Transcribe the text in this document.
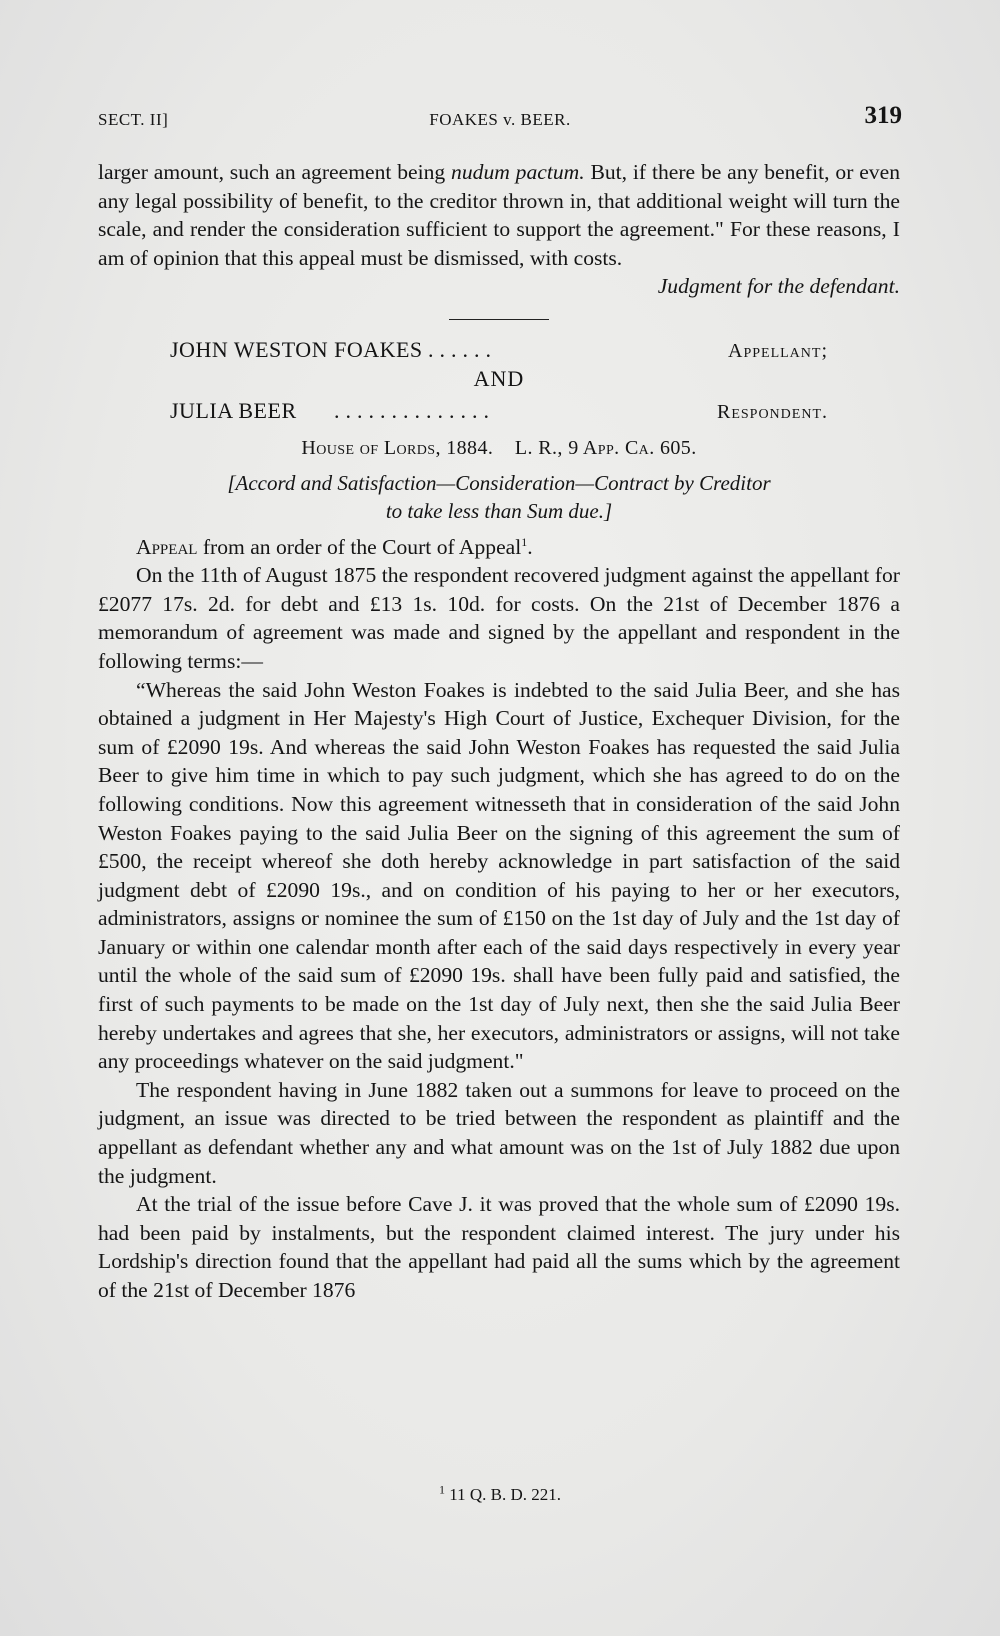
SECT. II]	FOAKES v. BEER.	319

larger amount, such an agreement being nudum pactum. But, if there be any benefit, or even any legal possibility of benefit, to the creditor thrown in, that additional weight will turn the scale, and render the consideration sufficient to support the agreement." For these reasons, I am of opinion that this appeal must be dismissed, with costs.

Judgment for the defendant.

JOHN WESTON FOAKES ......	Appellant;
AND
JULIA BEER ..............	Respondent.
House of Lords, 1884. L. R., 9 App. Ca. 605.
[Accord and Satisfaction—Consideration—Contract by Creditor
to take less than Sum due.]

Appeal from an order of the Court of Appeal$^1$.

On the 11th of August 1875 the respondent recovered judgment against the appellant for £2077 17s. 2d. for debt and £13 1s. 10d. for costs. On the 21st of December 1876 a memorandum of agreement was made and signed by the appellant and respondent in the following terms:—

“Whereas the said John Weston Foakes is indebted to the said Julia Beer, and she has obtained a judgment in Her Majesty's High Court of Justice, Exchequer Division, for the sum of £2090 19s. And whereas the said John Weston Foakes has requested the said Julia Beer to give him time in which to pay such judgment, which she has agreed to do on the following conditions. Now this agreement witnesseth that in consideration of the said John Weston Foakes paying to the said Julia Beer on the signing of this agreement the sum of £500, the receipt whereof she doth hereby acknowledge in part satisfaction of the said judgment debt of £2090 19s., and on condition of his paying to her or her executors, administrators, assigns or nominee the sum of £150 on the 1st day of July and the 1st day of January or within one calendar month after each of the said days respectively in every year until the whole of the said sum of £2090 19s. shall have been fully paid and satisfied, the first of such payments to be made on the 1st day of July next, then she the said Julia Beer hereby undertakes and agrees that she, her executors, administrators or assigns, will not take any proceedings whatever on the said judgment."

The respondent having in June 1882 taken out a summons for leave to proceed on the judgment, an issue was directed to be tried between the respondent as plaintiff and the appellant as defendant whether any and what amount was on the 1st of July 1882 due upon the judgment.

At the trial of the issue before Cave J. it was proved that the whole sum of £2090 19s. had been paid by instalments, but the respondent claimed interest. The jury under his Lordship's direction found that the appellant had paid all the sums which by the agreement of the 21st of December 1876

$^1$ 11 Q. B. D. 221.
